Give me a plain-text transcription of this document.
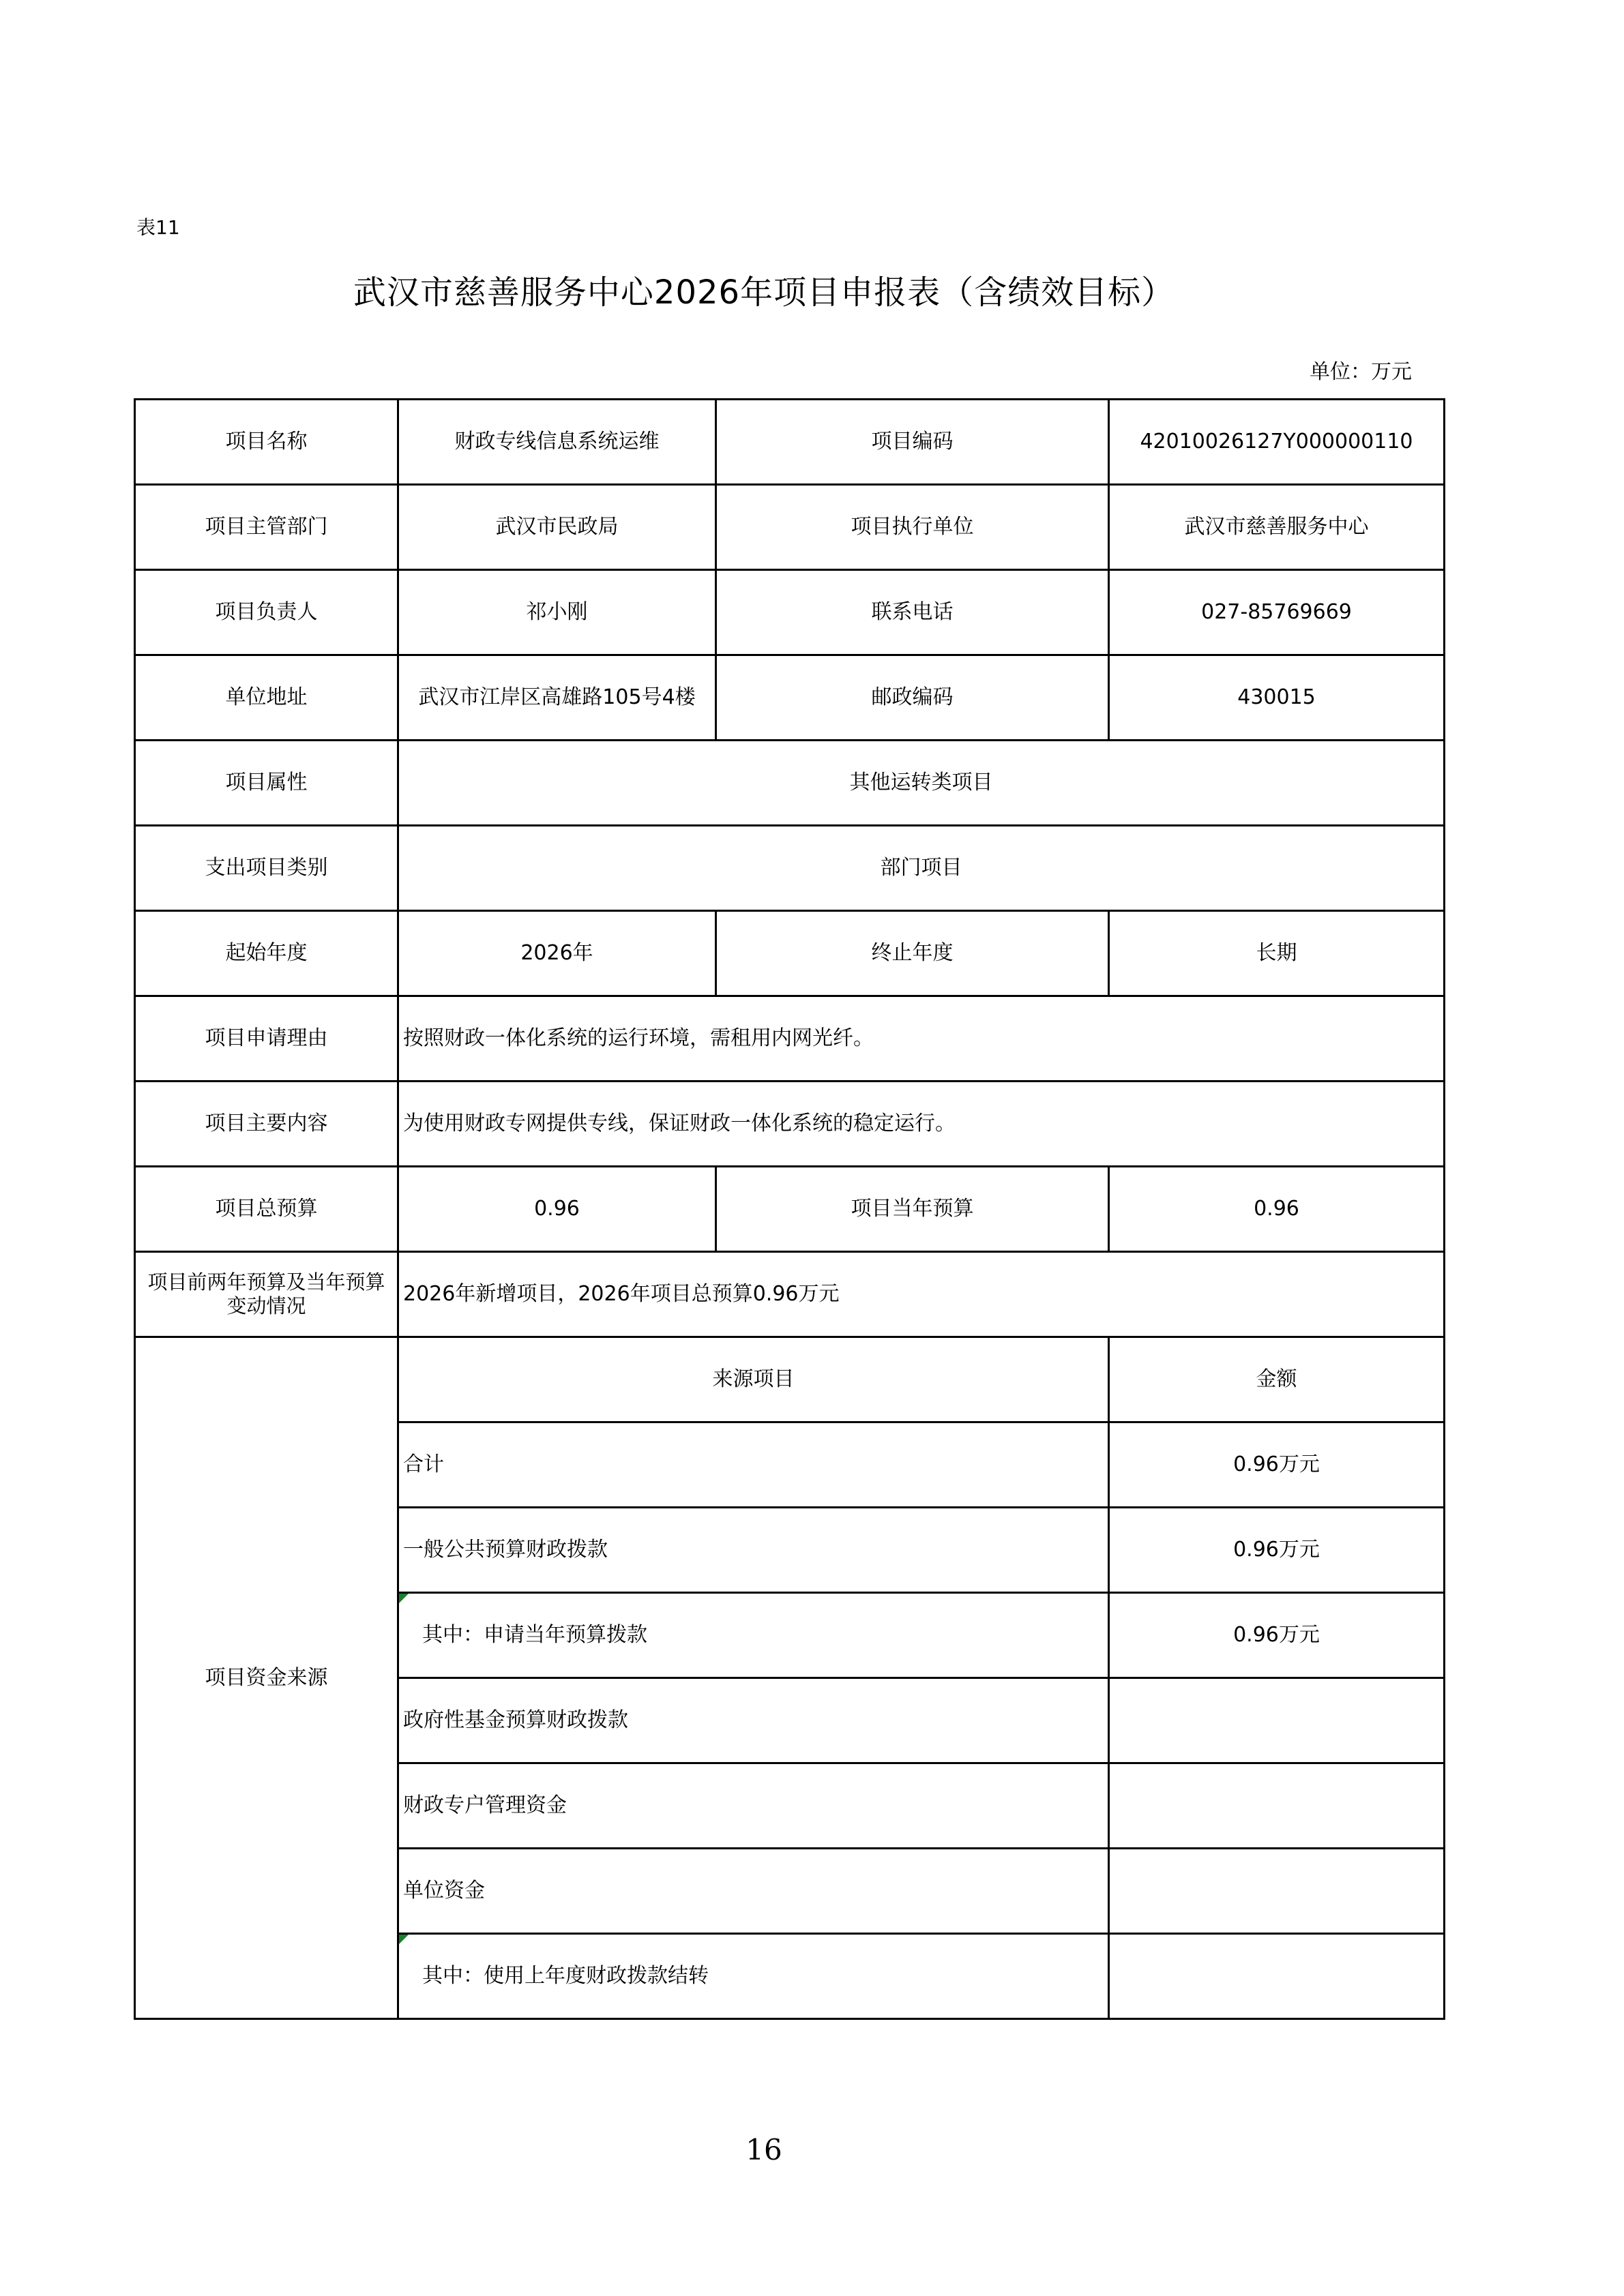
表11
武汉市慈善服务中心2026年项目申报表（含绩效目标）
单位：万元
项目名称	财政专线信息系统运维	项目编码	42010026127Y000000110
项目主管部门	武汉市民政局	项目执行单位	武汉市慈善服务中心
项目负责人	祁小刚	联系电话	027-85769669
单位地址	武汉市江岸区高雄路105号4楼	邮政编码	430015
项目属性	其他运转类项目		
支出项目类别	部门项目		
起始年度	2026年	终止年度	长期
项目申请理由	按照财政一体化系统的运行环境，需租用内网光纤。		
项目主要内容	为使用财政专网提供专线，保证财政一体化系统的稳定运行。		
项目总预算	0.96	项目当年预算	0.96
项目前两年预算及当年预算变动情况	2026年新增项目，2026年项目总预算0.96万元		
项目资金来源	来源项目		金额
	合计		0.96万元
	一般公共预算财政拨款		0.96万元
	其中：申请当年预算拨款		0.96万元
	政府性基金预算财政拨款		
	财政专户管理资金		
	单位资金		
	其中：使用上年度财政拨款结转		
16
